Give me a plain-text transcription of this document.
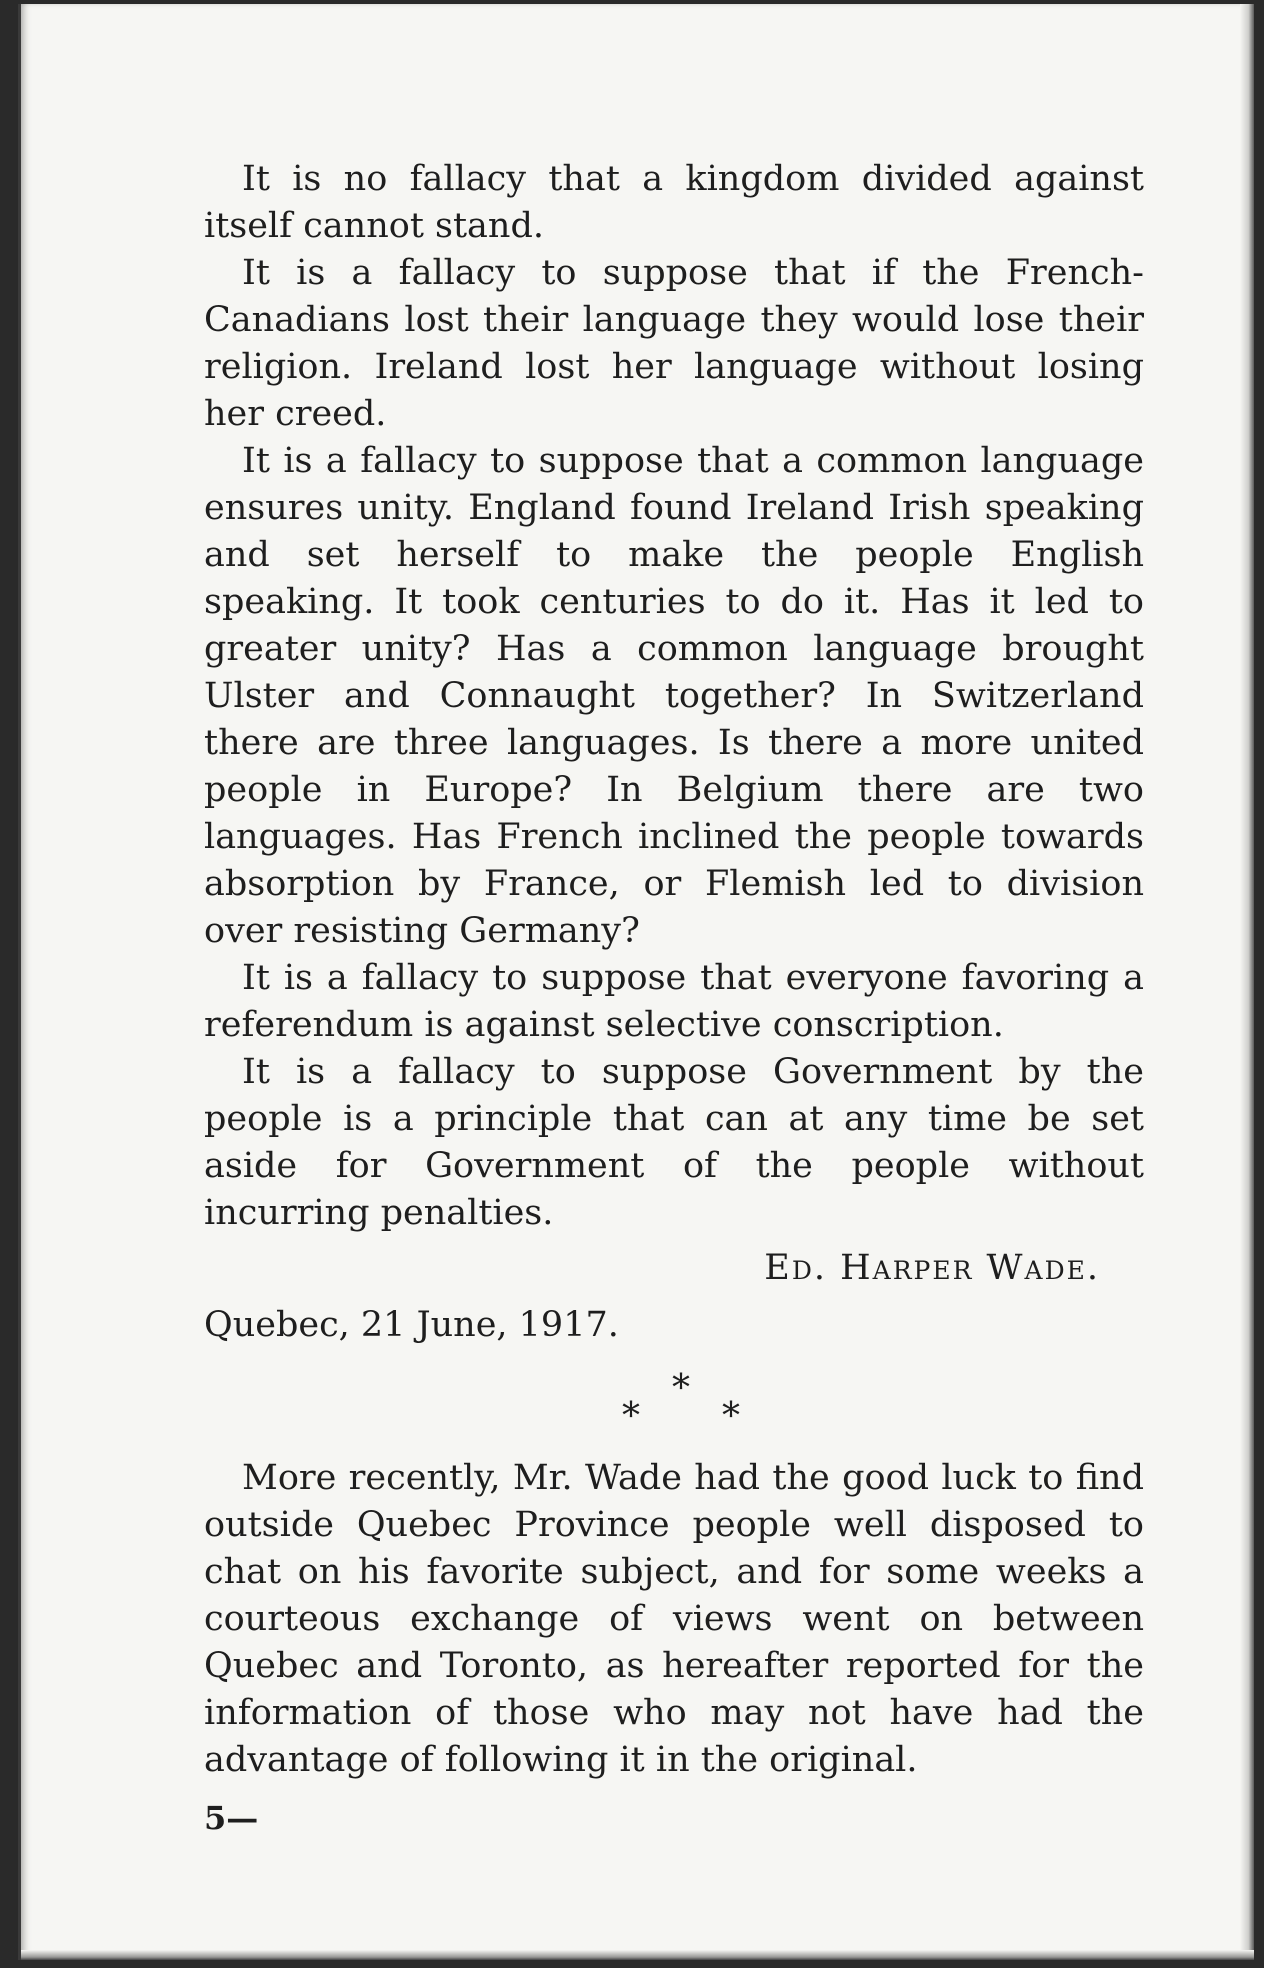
It is no fallacy that a kingdom divided against itself cannot stand.

It is a fallacy to suppose that if the French-Canadians lost their language they would lose their religion. Ireland lost her language without losing her creed.

It is a fallacy to suppose that a common language ensures unity. England found Ireland Irish speaking and set herself to make the people English speaking. It took centuries to do it. Has it led to greater unity? Has a common language brought Ulster and Connaught together? In Switzerland there are three languages. Is there a more united people in Europe? In Belgium there are two languages. Has French inclined the people towards absorption by France, or Flemish led to division over resisting Germany?

It is a fallacy to suppose that everyone favoring a referendum is against selective conscription.

It is a fallacy to suppose Government by the people is a principle that can at any time be set aside for Government of the people without incurring penalties.

Ed. Harper Wade.
Quebec, 21 June, 1917.
*
* *

More recently, Mr. Wade had the good luck to find outside Quebec Province people well disposed to chat on his favorite subject, and for some weeks a courteous exchange of views went on between Quebec and Toronto, as hereafter reported for the information of those who may not have had the advantage of following it in the original.

5—
